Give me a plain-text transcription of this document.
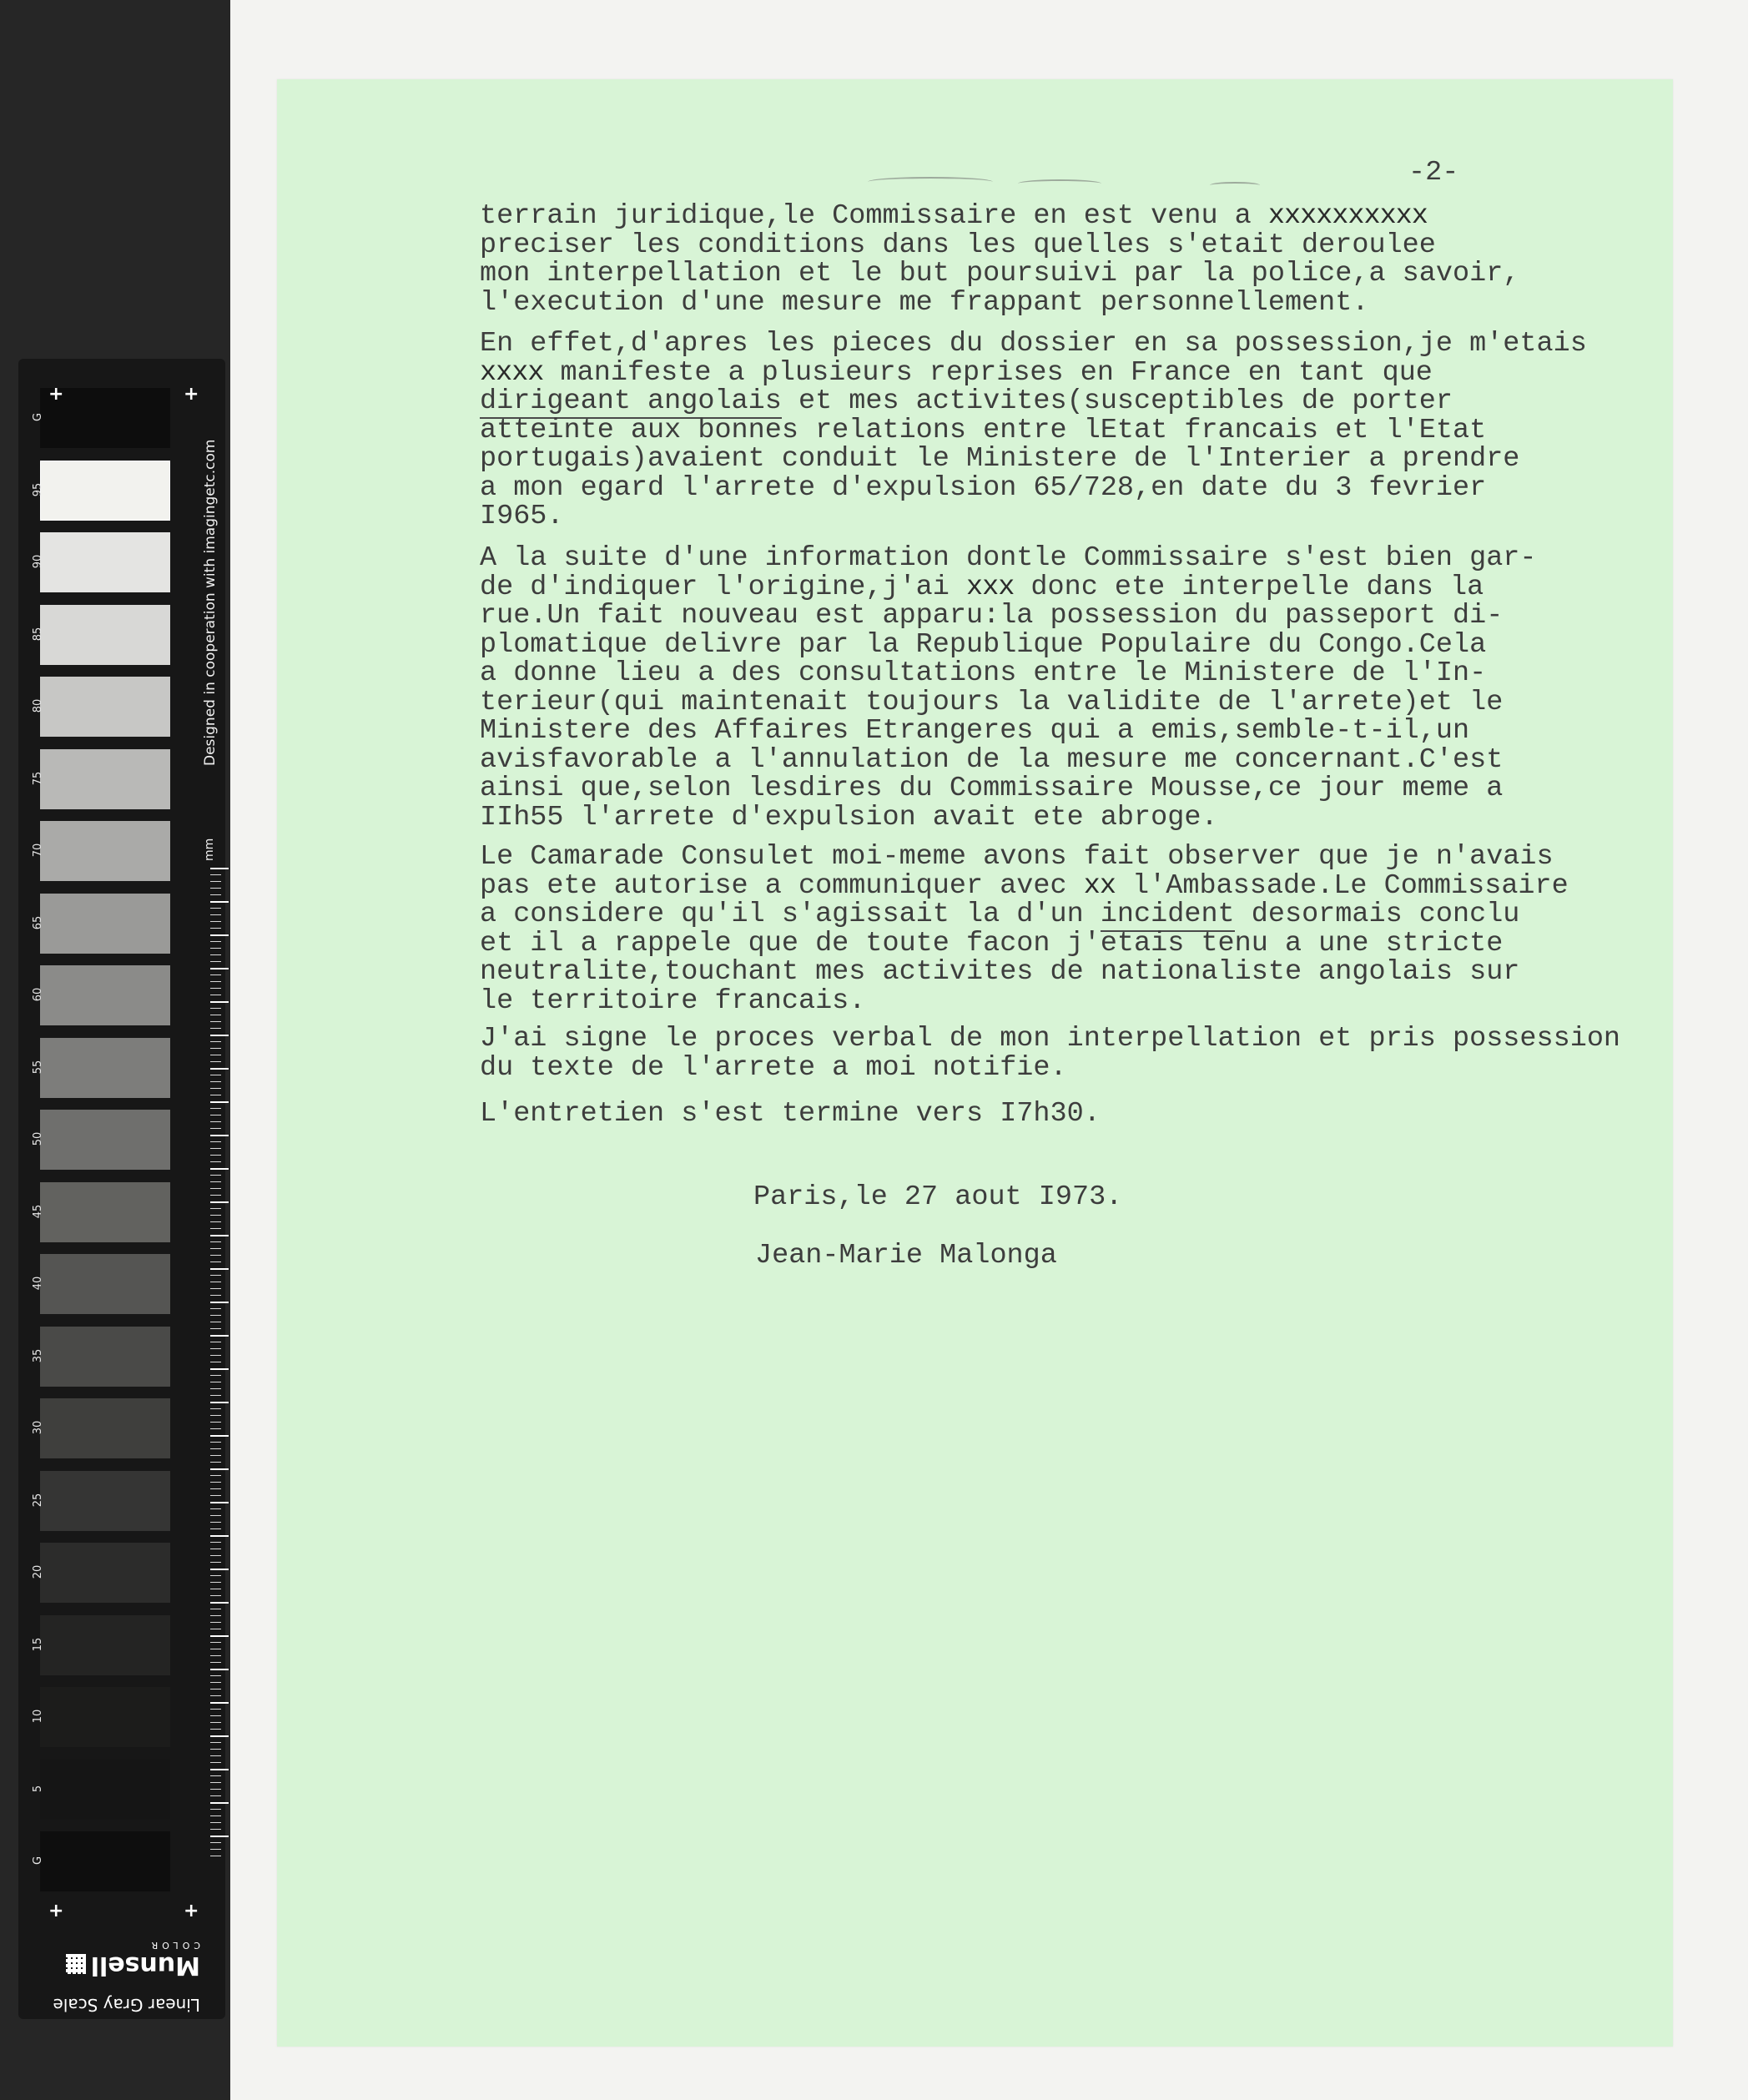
G
95
90
85
80
75
70
65
60
55
50
45
40
35
30
25
20
15
10
5
G
+	+
+	+
Designed in cooperation with imagingetc.com
mm
Linear Gray Scale
Munsell
COLOR
-2-
terrain juridique,le Commissaire en est venu a xxxxxxxxxx
preciser les conditions dans les quelles s'etait deroulee
mon interpellation et le but poursuivi par la police,a savoir,
l'execution d'une mesure me frappant personnellement.
En effet,d'apres les pieces du dossier en sa possession,je m'etais
xxxx manifeste a plusieurs reprises en France en tant que
dirigeant angolais et mes activites(susceptibles de porter
atteinte aux bonnes relations entre lEtat francais et l'Etat
portugais)avaient conduit le Ministere de l'Interier a prendre
a mon egard l'arrete d'expulsion 65/728,en date du 3 fevrier
I965.
A la suite d'une information dontle Commissaire s'est bien gar-
de d'indiquer l'origine,j'ai xxx donc ete interpelle dans la
rue.Un fait nouveau est apparu:la possession du passeport di-
plomatique delivre par la Republique Populaire du Congo.Cela
a donne lieu a des consultations entre le Ministere de l'In-
terieur(qui maintenait toujours la validite de l'arrete)et le
Ministere des Affaires Etrangeres qui a emis,semble-t-il,un
avisfavorable a l'annulation de la mesure me concernant.C'est
ainsi que,selon lesdires du Commissaire Mousse,ce jour meme a
IIh55 l'arrete d'expulsion avait ete abroge.
Le Camarade Consulet moi-meme avons fait observer que je n'avais
pas ete autorise a communiquer avec xx l'Ambassade.Le Commissaire
a considere qu'il s'agissait la d'un incident desormais conclu
et il a rappele que de toute facon j'etais tenu a une stricte
neutralite,touchant mes activites de nationaliste angolais sur
le territoire francais.
J'ai signe le proces verbal de mon interpellation et pris possession
du texte de l'arrete a moi notifie.
L'entretien s'est termine vers I7h30.
Paris,le 27 aout I973.
Jean-Marie Malonga
